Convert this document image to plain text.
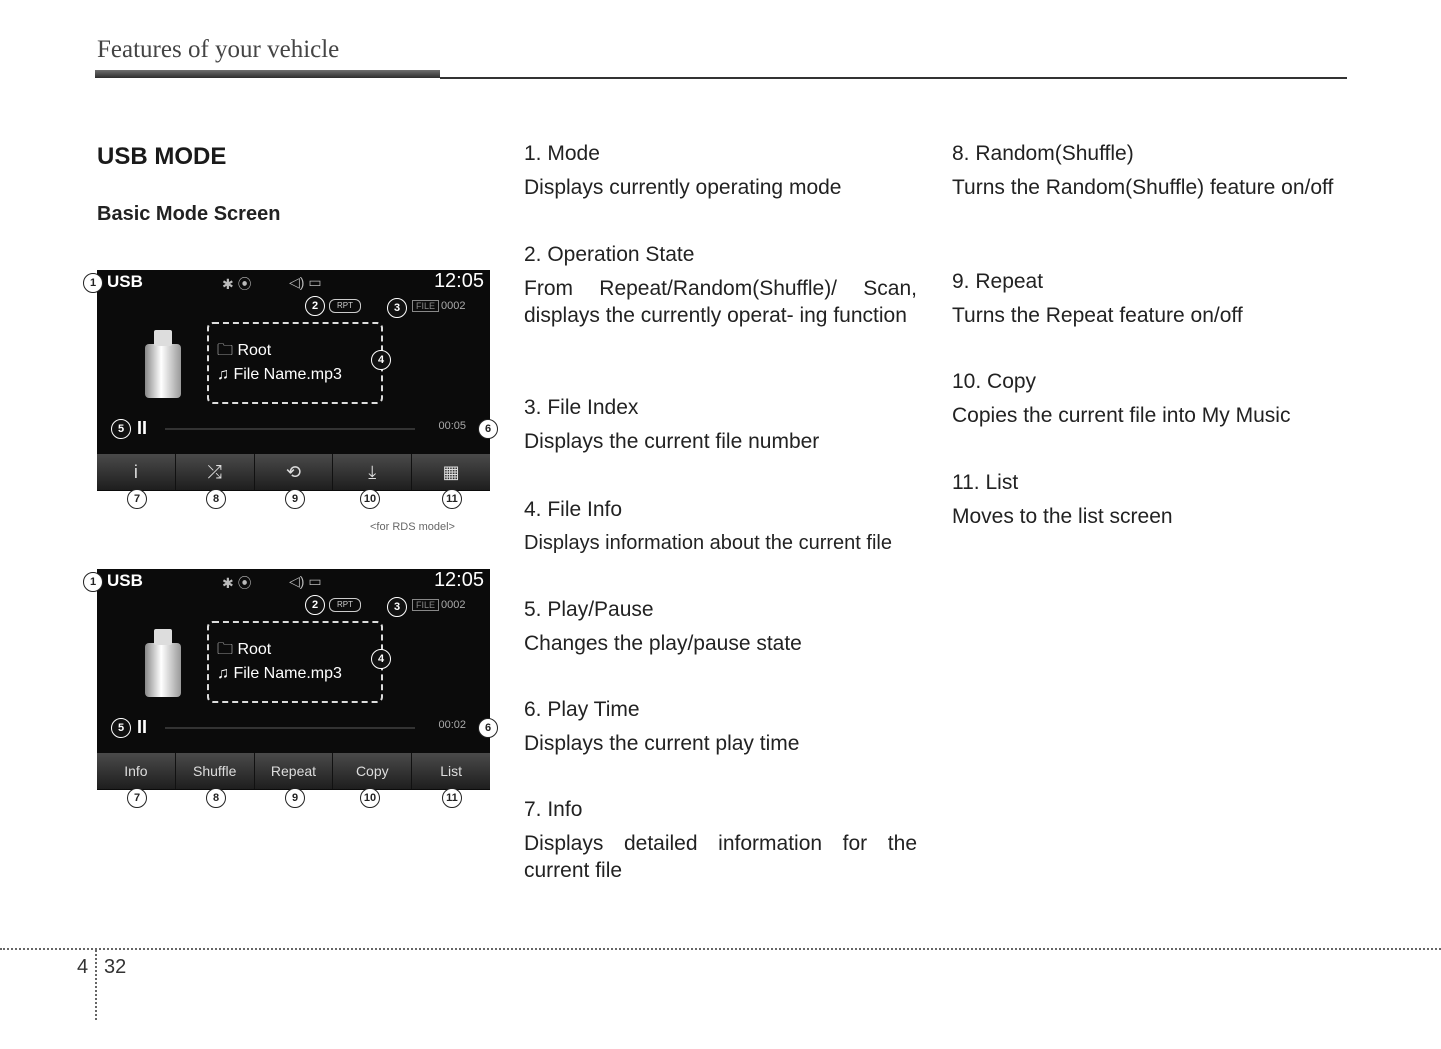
Features of your vehicle
USB MODE
Basic Mode Screen
1 USB	✱ ⦿	◁) ▭	12:05
2	RPT	3	FILE 0002
🗀 Root
♫ File Name.mp3
4
5 II	00:05	6
i	⤮	⟲	⤓	▦
7	8	9	10	11
<for RDS model>
1 USB	✱ ⦿	◁) ▭	12:05
2	RPT	3	FILE 0002
🗀 Root
♫ File Name.mp3
4
5 II	00:02	6
Info	Shuffle	Repeat	Copy	List
7	8	9	10	11
1. Mode
Displays currently operating mode
2. Operation State
From Repeat/Random(Shuffle)/ Scan, displays the currently operat- ing function
3. File Index
Displays the current file number
4. File Info
Displays information about the current file
5. Play/Pause
Changes the play/pause state
6. Play Time
Displays the current play time
7. Info
Displays detailed information for the current file
8. Random(Shuffle)
Turns the Random(Shuffle) feature on/off
9. Repeat
Turns the Repeat feature on/off
10. Copy
Copies the current file into My Music
11. List
Moves to the list screen
4 32
